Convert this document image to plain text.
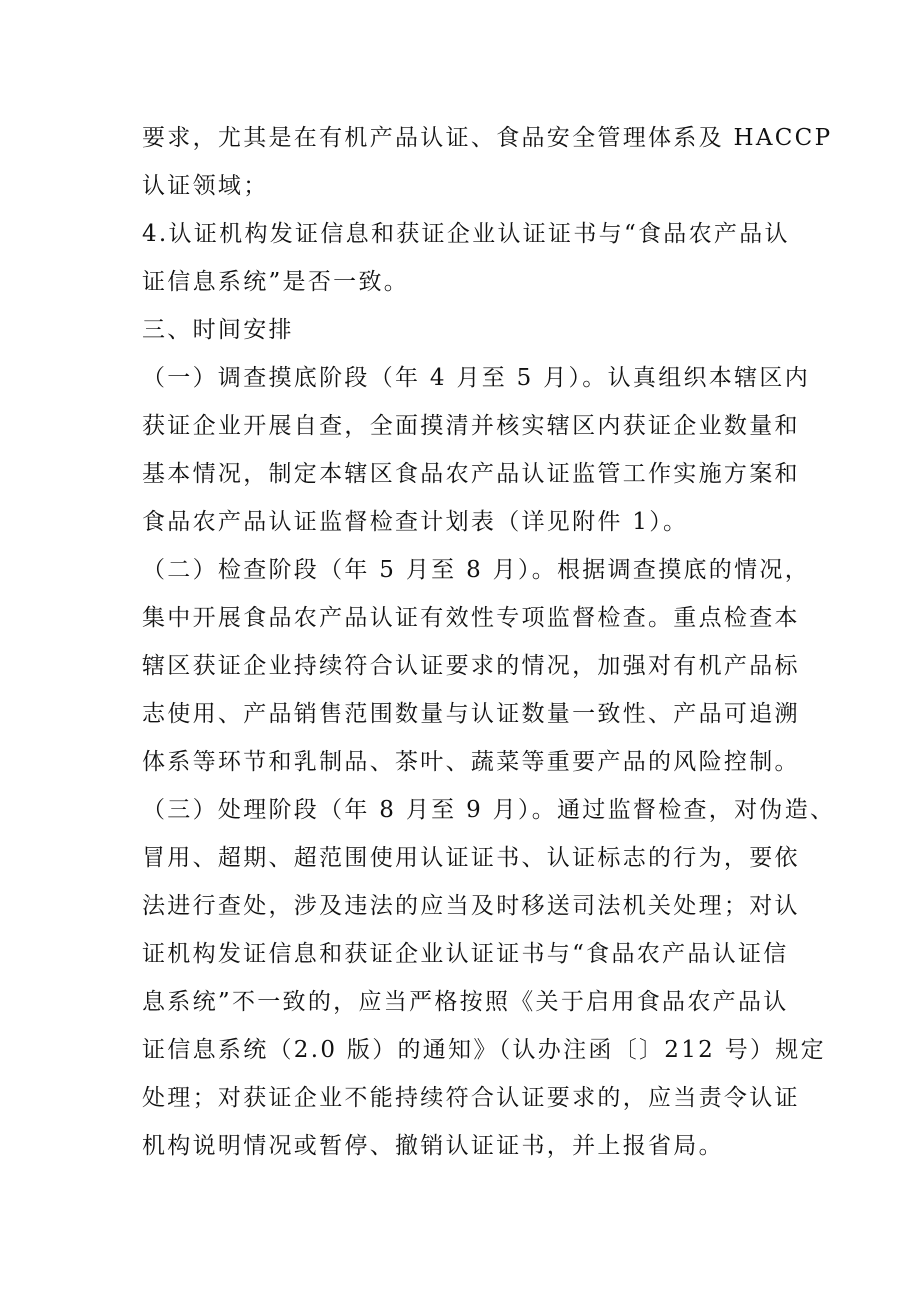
要求，尤其是在有机产品认证、食品安全管理体系及 HACCP
认证领域；
4.认证机构发证信息和获证企业认证证书与“食品农产品认
证信息系统”是否一致。
三、时间安排
（一）调查摸底阶段（年 4 月至 5 月）。认真组织本辖区内
获证企业开展自查，全面摸清并核实辖区内获证企业数量和
基本情况，制定本辖区食品农产品认证监管工作实施方案和
食品农产品认证监督检查计划表（详见附件 1）。
（二）检查阶段（年 5 月至 8 月）。根据调查摸底的情况，
集中开展食品农产品认证有效性专项监督检查。重点检查本
辖区获证企业持续符合认证要求的情况，加强对有机产品标
志使用、产品销售范围数量与认证数量一致性、产品可追溯
体系等环节和乳制品、茶叶、蔬菜等重要产品的风险控制。
（三）处理阶段（年 8 月至 9 月）。通过监督检查，对伪造、
冒用、超期、超范围使用认证证书、认证标志的行为，要依
法进行查处，涉及违法的应当及时移送司法机关处理；对认
证机构发证信息和获证企业认证证书与“食品农产品认证信
息系统”不一致的，应当严格按照《关于启用食品农产品认
证信息系统（2.0 版）的通知》（认办注函〔〕212 号）规定
处理；对获证企业不能持续符合认证要求的，应当责令认证
机构说明情况或暂停、撤销认证证书，并上报省局。
